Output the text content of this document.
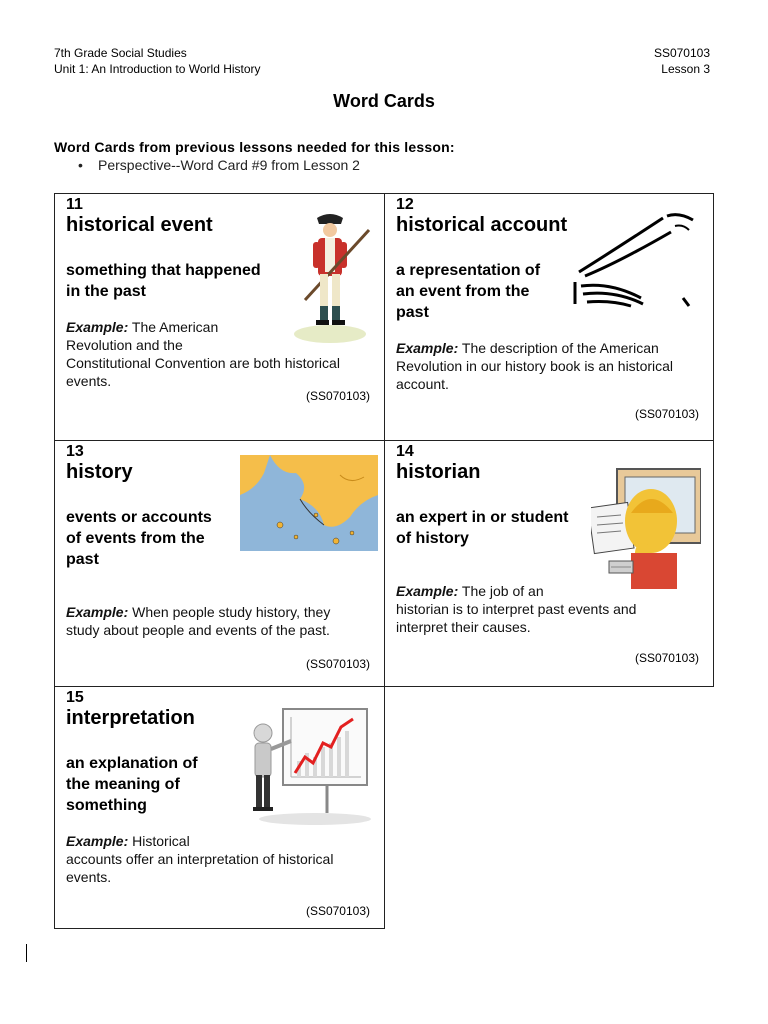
7th Grade Social Studies
Unit 1: An Introduction to World History
SS070103
Lesson 3
Word Cards
Word Cards from previous lessons needed for this lesson:
• Perspective--Word Card #9 from Lesson 2
11
historical event
something that happened
in the past
Example: The American
Revolution and the
Constitutional Convention are both historical
events.
(SS070103)
12
historical account
a representation of
an event from the
past
Example: The description of the American
Revolution in our history book is an historical
account.
(SS070103)
13
history
events or accounts
of events from the
past
Example: When people study history, they
study about people and events of the past.
(SS070103)
14
historian
an expert in or student
of history
Example: The job of an
historian is to interpret past events and
interpret their causes.
(SS070103)
15
interpretation
an explanation of
the meaning of
something
Example: Historical
accounts offer an interpretation of historical
events.
(SS070103)
